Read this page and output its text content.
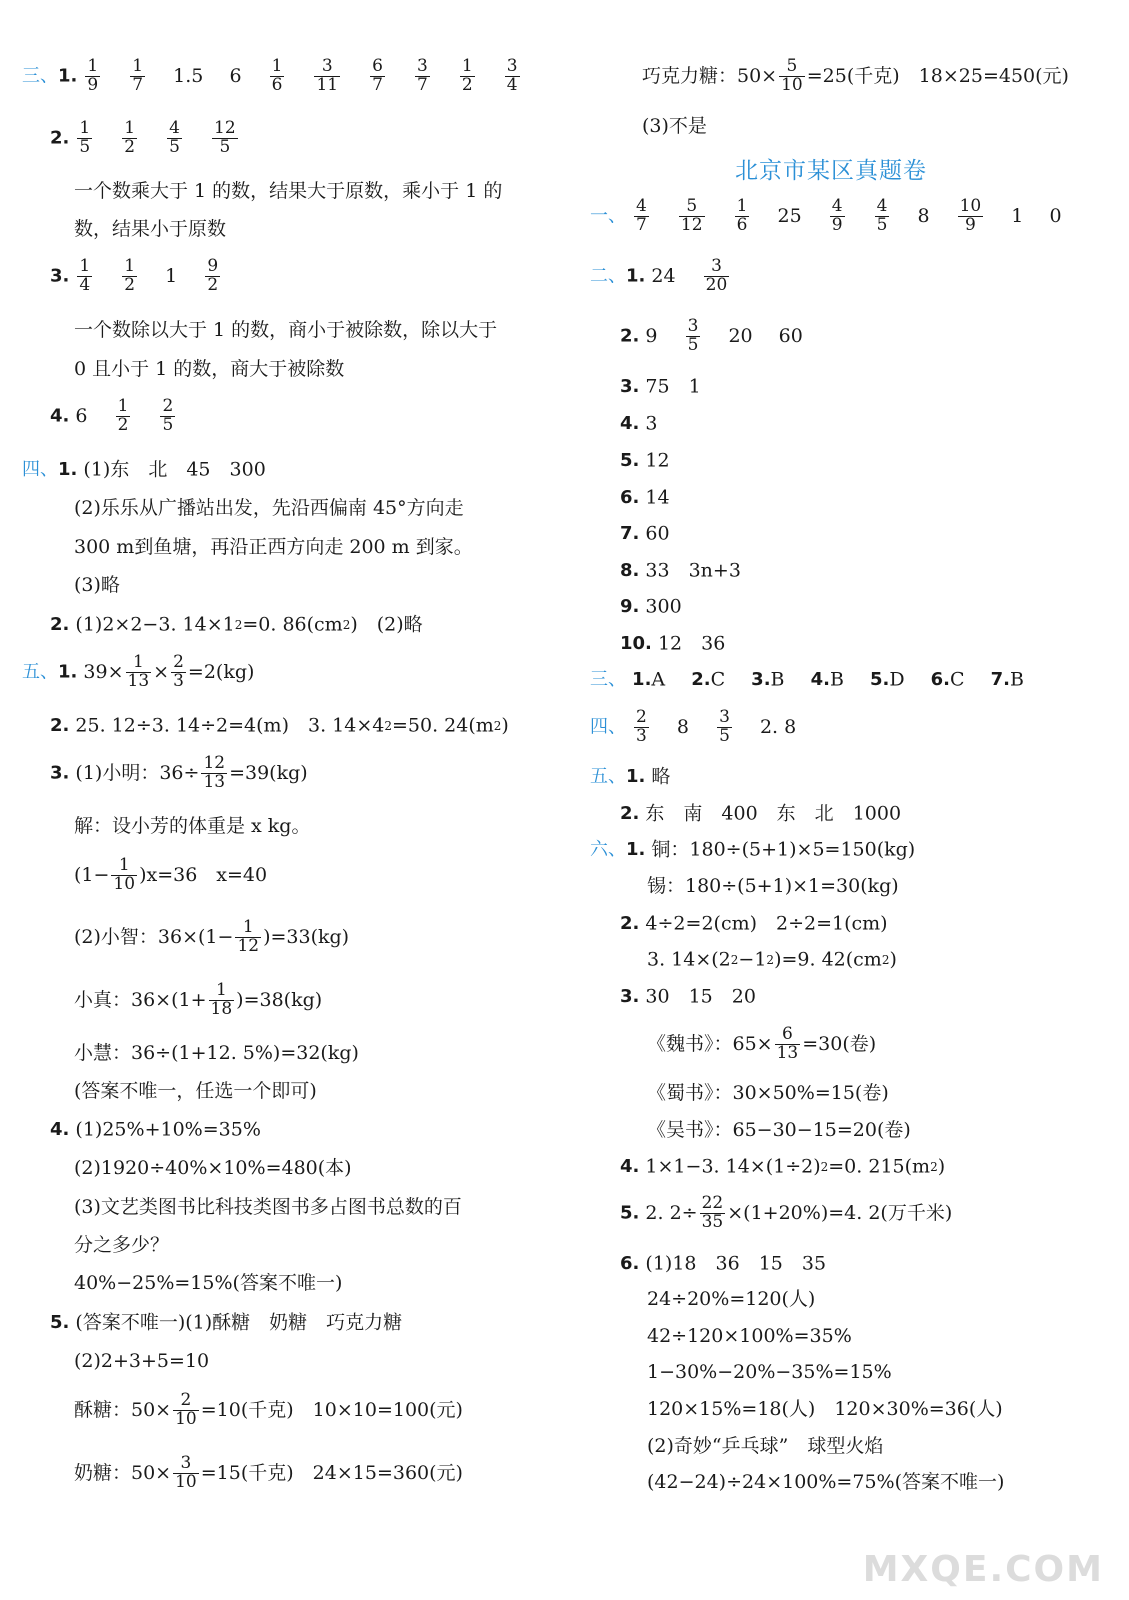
三、1. $\frac{1}{9}$
$\frac{1}{7} 1.5$ $6 \frac{1}{6}$
$\frac{3}{11}$
$\frac{6}{7}$
$\frac{3}{7}$
$\frac{1}{2}$
$\frac{3}{4}$
2. $\frac{1}{5}$
$\frac{1}{2}$
$\frac{4}{5}$
$\frac{12}{5}$
一个数乘大于 1 的数，结果大于原数，乘小于 1 的
数，结果小于原数
3. $\frac{1}{4}$
$\frac{1}{2} 1 \frac{9}{2}$
一个数除以大于 1 的数，商小于被除数，除以大于
0 且小于 1 的数，商大于被除数
4. $6 \frac{1}{2}$
$\frac{2}{5}$
四、1. (1)东　北　45　300
(2)乐乐从广播站出发，先沿西偏南 45°方向走
300 m到鱼塘，再沿正西方向走 200 m 到家。
(3)略
2. (1)2×2−3. 14×12=0. 86(cm2)　(2)略
五、1. $39\times \frac{1}{13} \times \frac{2}{3} =2(kg)$
2. 25. 12÷3. 14÷2=4(m)　3. 14×42=50. 24(m2)
3. (1)小明：$36\div \frac{12}{13} =39(kg)$
解：设小芳的体重是 x kg。
$(1- \frac{1}{10} )x=36$　x=40
(2)小智：$36\times(1- \frac{1}{12} )=33(kg)$
小真：$36\times(1+ \frac{1}{18} )=38(kg)$
小慧：36÷(1+12. 5%)=32(kg)
(答案不唯一，任选一个即可)
4. (1)25%+10%=35%
(2)1920÷40%×10%=480(本)
(3)文艺类图书比科技类图书多占图书总数的百
分之多少？
40%−25%=15%(答案不唯一)
5. (答案不唯一)(1)酥糖　奶糖　巧克力糖
(2)2+3+5=10
酥糖：$50\times \frac{2}{10} =10$(千克)　10×10=100(元)
奶糖：$50\times \frac{3}{10} =15$(千克)　24×15=360(元)
巧克力糖：$50\times \frac{5}{10} =25$(千克)　18×25=450(元)
(3)不是
一、 $\frac{4}{7}$
$\frac{5}{12}$
$\frac{1}{6} 25 \frac{4}{9}$
$\frac{4}{5} 8 \frac{10}{9} 1$ 0
二、1. $24 \frac{3}{20}$
2. $9 \frac{3}{5} 20$ 60
3. 75　1
4. 3
5. 12
6. 14
7. 60
8. 33　3n+3
9. 300
10. 12　36
三、 1.A 2.C 3.B 4.B 5.D 6.C 7.B
四、 $\frac{2}{3} 8 \frac{3}{5} 2$. 8
五、1. 略
2. 东　南　400　东　北　1000
六、1. 铜：180÷(5+1)×5=150(kg)
锡：180÷(5+1)×1=30(kg)
2. 4÷2=2(cm)　2÷2=1(cm)
3. 14×(22−12)=9. 42(cm2)
3. 30　15　20
《魏书》：$65\times \frac{6}{13} =30$(卷)
《蜀书》：30×50%=15(卷)
《吴书》：65−30−15=20(卷)
4. 1×1−3. 14×(1÷2)2=0. 215(m2)
5. 2. $2\div \frac{22}{35} \times(1+20\%)=4$. 2(万千米)
6. (1)18　36　15　35
24÷20%=120(人)
42÷120×100%=35%
1−30%−20%−35%=15%
120×15%=18(人)　120×30%=36(人)
(2)奇妙“乒乓球”　球型火焰
(42−24)÷24×100%=75%(答案不唯一)
北京市某区真题卷
MXQE.COM
